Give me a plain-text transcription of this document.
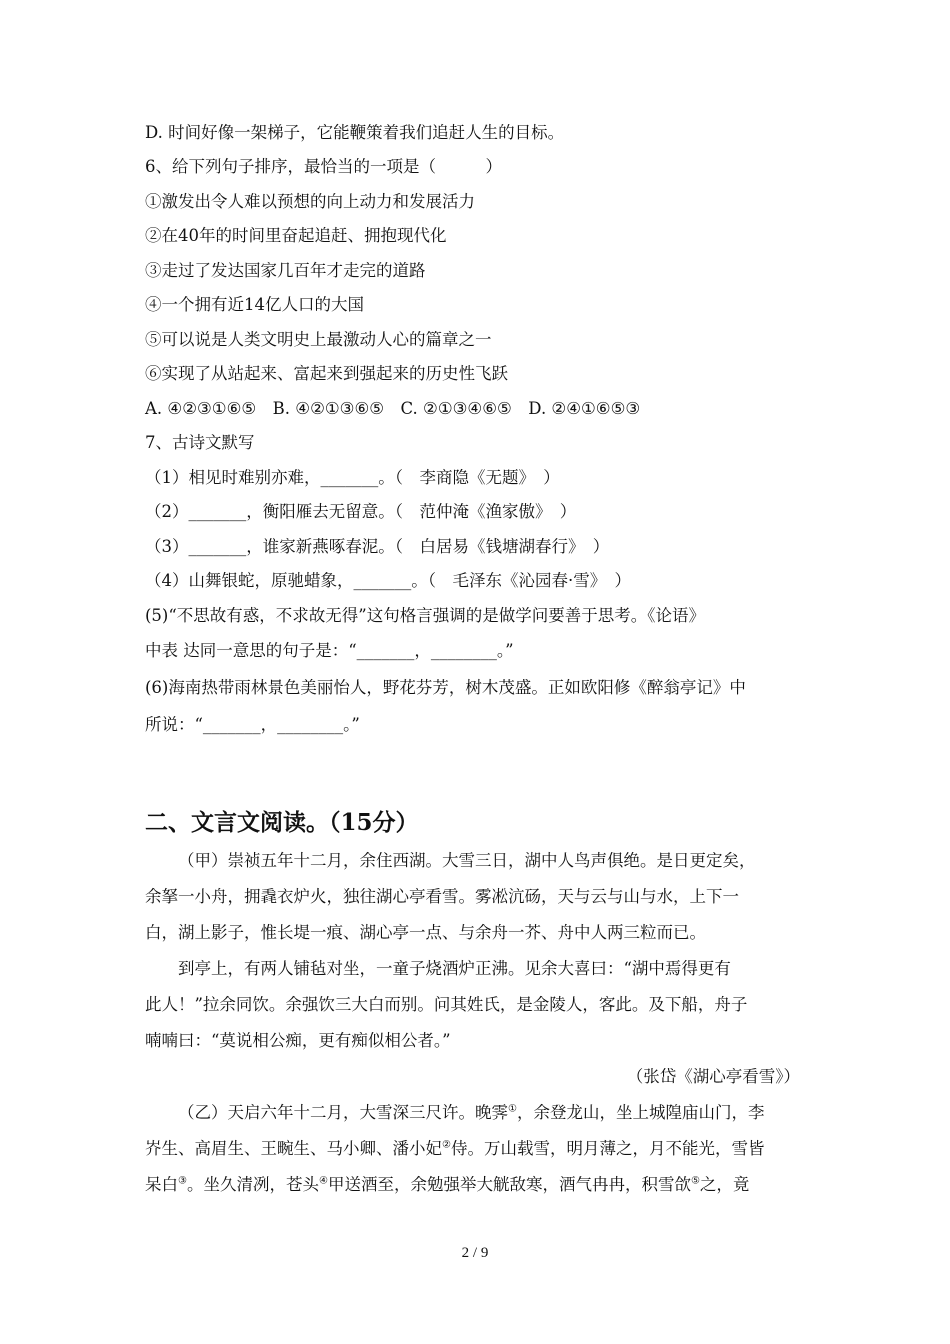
D. 时间好像一架梯子，它能鞭策着我们追赶人生的目标。
6、给下列句子排序，最恰当的一项是（　　　）
①激发出令人难以预想的向上动力和发展活力
②在40年的时间里奋起追赶、拥抱现代化
③走过了发达国家几百年才走完的道路
④一个拥有近14亿人口的大国
⑤可以说是人类文明史上最激动人心的篇章之一
⑥实现了从站起来、富起来到强起来的历史性飞跃
A. ④②③①⑥⑤　B. ④②①③⑥⑤　C. ②①③④⑥⑤　D. ②④①⑥⑤③
7、古诗文默写
（1）相见时难别亦难，_______。（　李商隐《无题》　）
（2）_______，衡阳雁去无留意。（　范仲淹《渔家傲》　）
（3）_______，谁家新燕啄春泥。（　白居易《钱塘湖春行》　）
（4）山舞银蛇，原驰蜡象，_______。（　毛泽东《沁园春·雪》　）
(5)“不思故有惑，不求故无得”这句格言强调的是做学问要善于思考。《论语》
中表 达同一意思的句子是：“_______，________。”
(6)海南热带雨林景色美丽怡人，野花芬芳，树木茂盛。正如欧阳修《醉翁亭记》中
所说：“_______，________。”
二、文言文阅读。（15分）
（甲）崇祯五年十二月，余住西湖。大雪三日，湖中人鸟声俱绝。是日更定矣，
余拏一小舟，拥毳衣炉火，独往湖心亭看雪。雾凇沆砀，天与云与山与水，上下一
白，湖上影子，惟长堤一痕、湖心亭一点、与余舟一芥、舟中人两三粒而已。
到亭上，有两人铺毡对坐，一童子烧酒炉正沸。见余大喜曰：“湖中焉得更有
此人！”拉余同饮。余强饮三大白而别。问其姓氏，是金陵人，客此。及下船，舟子
喃喃曰：“莫说相公痴，更有痴似相公者。”
（张岱《湖心亭看雪》）
（乙）天启六年十二月，大雪深三尺许。晚霁①，余登龙山，坐上城隍庙山门，李
岕生、高眉生、王畹生、马小卿、潘小妃②侍。万山载雪，明月薄之，月不能光，雪皆
呆白③。坐久清冽，苍头④甲送酒至，余勉强举大觥敌寒，酒气冉冉，积雪欱⑤之，竟
2 / 9
